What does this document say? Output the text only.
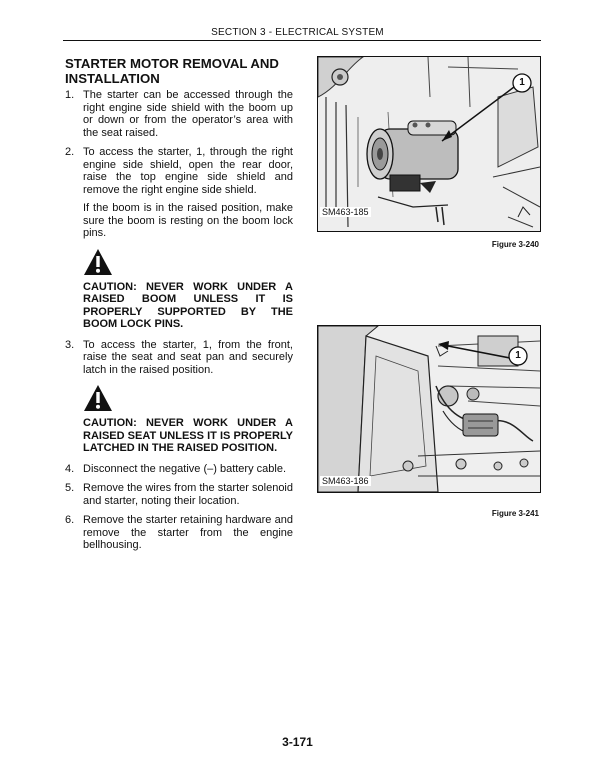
SECTION 3 - ELECTRICAL SYSTEM
STARTER MOTOR REMOVAL AND INSTALLATION
1. The starter can be accessed through the right engine side shield with the boom up or down or from the operator’s area with the seat raised.

2. To access the starter, 1, through the right engine side shield, open the rear door, raise the top engine side shield and remove the right engine side shield.

If the boom is in the raised position, make sure the boom is resting on the boom lock pins.

CAUTION: NEVER WORK UNDER A RAISED BOOM UNLESS IT IS PROPERLY SUPPORTED BY THE BOOM LOCK PINS.
3. To access the starter, 1, from the front, raise the seat and seat pan and securely latch in the raised position.

CAUTION: NEVER WORK UNDER A RAISED SEAT UNLESS IT IS PROPERLY LATCHED IN THE RAISED POSITION.
4. Disconnect the negative (–) battery cable.

5. Remove the wires from the starter solenoid and starter, noting their location.

6. Remove the starter retaining hardware and remove the starter from the engine bellhousing.

SM463-185
1
Figure 3-240
SM463-186
1
Figure 3-241
3-171
